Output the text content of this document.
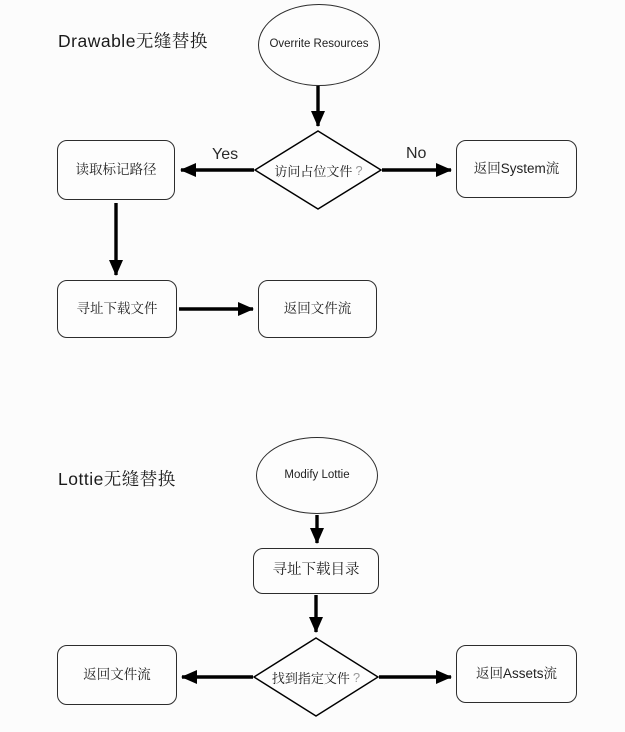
Drawable无缝替换	Overrite Resources
访问占位文件 ?
Yes	No
读取标记路径	返回System流
寻址下载文件	返回文件流
Lottie无缝替换	Modify Lottie
寻址下载目录
找到指定文件 ?
返回文件流	返回Assets流
